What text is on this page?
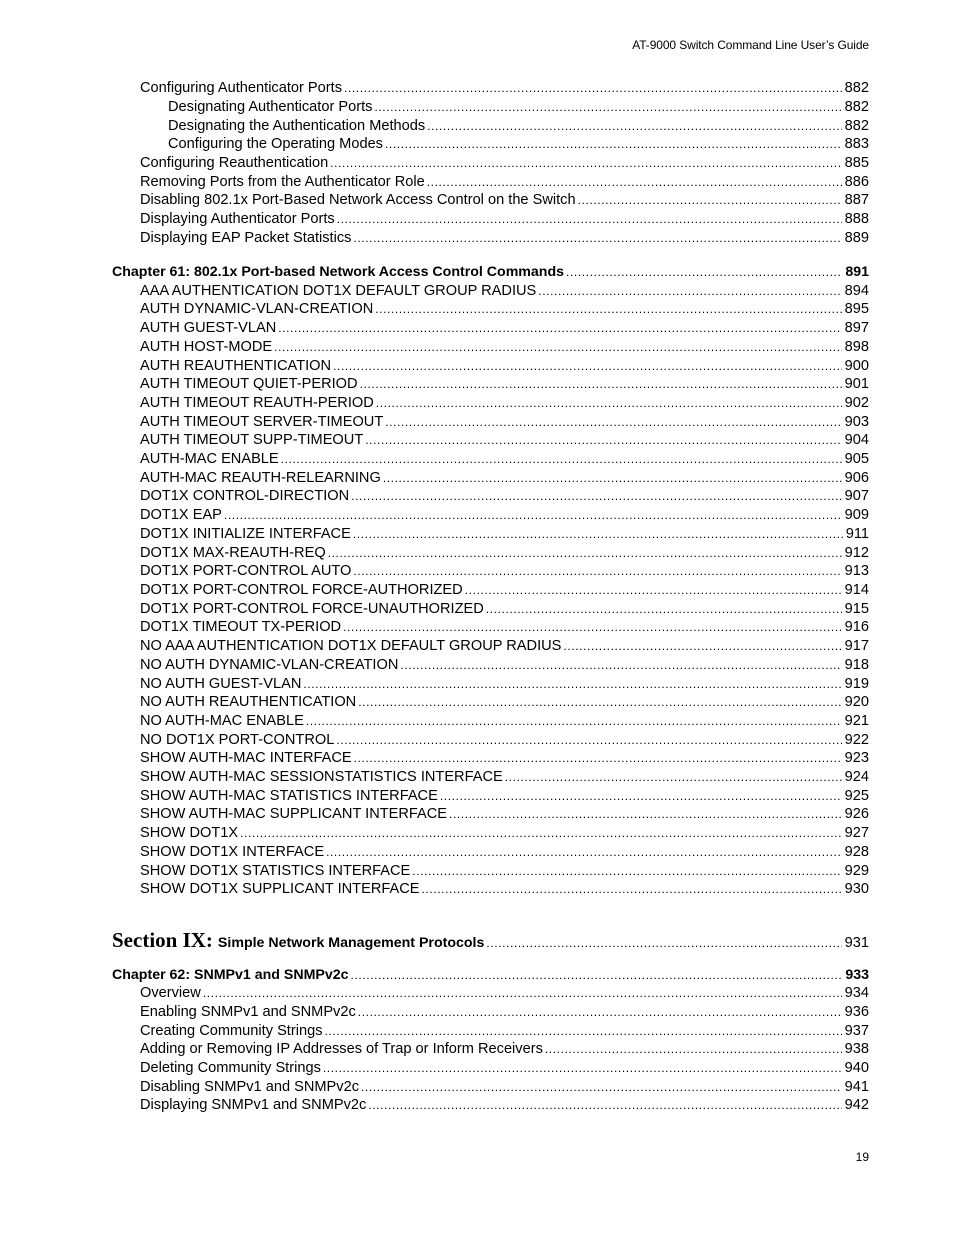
AT-9000 Switch Command Line User’s Guide
Configuring Authenticator Ports .....	882
Designating Authenticator Ports .....	882
Designating the Authentication Methods .....	882
Configuring the Operating Modes .....	883
Configuring Reauthentication .....	885
Removing Ports from the Authenticator Role .....	886
Disabling 802.1x Port-Based Network Access Control on the Switch .....	887
Displaying Authenticator Ports .....	888
Displaying EAP Packet Statistics .....	889
Chapter 61: 802.1x Port-based Network Access Control Commands .....	891
AAA AUTHENTICATION DOT1X DEFAULT GROUP RADIUS .....	894
AUTH DYNAMIC-VLAN-CREATION .....	895
AUTH GUEST-VLAN .....	897
AUTH HOST-MODE .....	898
AUTH REAUTHENTICATION .....	900
AUTH TIMEOUT QUIET-PERIOD .....	901
AUTH TIMEOUT REAUTH-PERIOD .....	902
AUTH TIMEOUT SERVER-TIMEOUT .....	903
AUTH TIMEOUT SUPP-TIMEOUT .....	904
AUTH-MAC ENABLE .....	905
AUTH-MAC REAUTH-RELEARNING .....	906
DOT1X CONTROL-DIRECTION .....	907
DOT1X EAP .....	909
DOT1X INITIALIZE INTERFACE .....	911
DOT1X MAX-REAUTH-REQ .....	912
DOT1X PORT-CONTROL AUTO .....	913
DOT1X PORT-CONTROL FORCE-AUTHORIZED .....	914
DOT1X PORT-CONTROL FORCE-UNAUTHORIZED .....	915
DOT1X TIMEOUT TX-PERIOD .....	916
NO AAA AUTHENTICATION DOT1X DEFAULT GROUP RADIUS .....	917
NO AUTH DYNAMIC-VLAN-CREATION .....	918
NO AUTH GUEST-VLAN .....	919
NO AUTH REAUTHENTICATION .....	920
NO AUTH-MAC ENABLE .....	921
NO DOT1X PORT-CONTROL .....	922
SHOW AUTH-MAC INTERFACE .....	923
SHOW AUTH-MAC SESSIONSTATISTICS INTERFACE .....	924
SHOW AUTH-MAC STATISTICS INTERFACE .....	925
SHOW AUTH-MAC SUPPLICANT INTERFACE .....	926
SHOW DOT1X .....	927
SHOW DOT1X INTERFACE .....	928
SHOW DOT1X STATISTICS INTERFACE .....	929
SHOW DOT1X SUPPLICANT INTERFACE .....	930
Section IX: Simple Network Management Protocols .....	931
Chapter 62: SNMPv1 and SNMPv2c .....	933
Overview .....	934
Enabling SNMPv1 and SNMPv2c .....	936
Creating Community Strings .....	937
Adding or Removing IP Addresses of Trap or Inform Receivers .....	938
Deleting Community Strings .....	940
Disabling SNMPv1 and SNMPv2c .....	941
Displaying SNMPv1 and SNMPv2c .....	942
19
